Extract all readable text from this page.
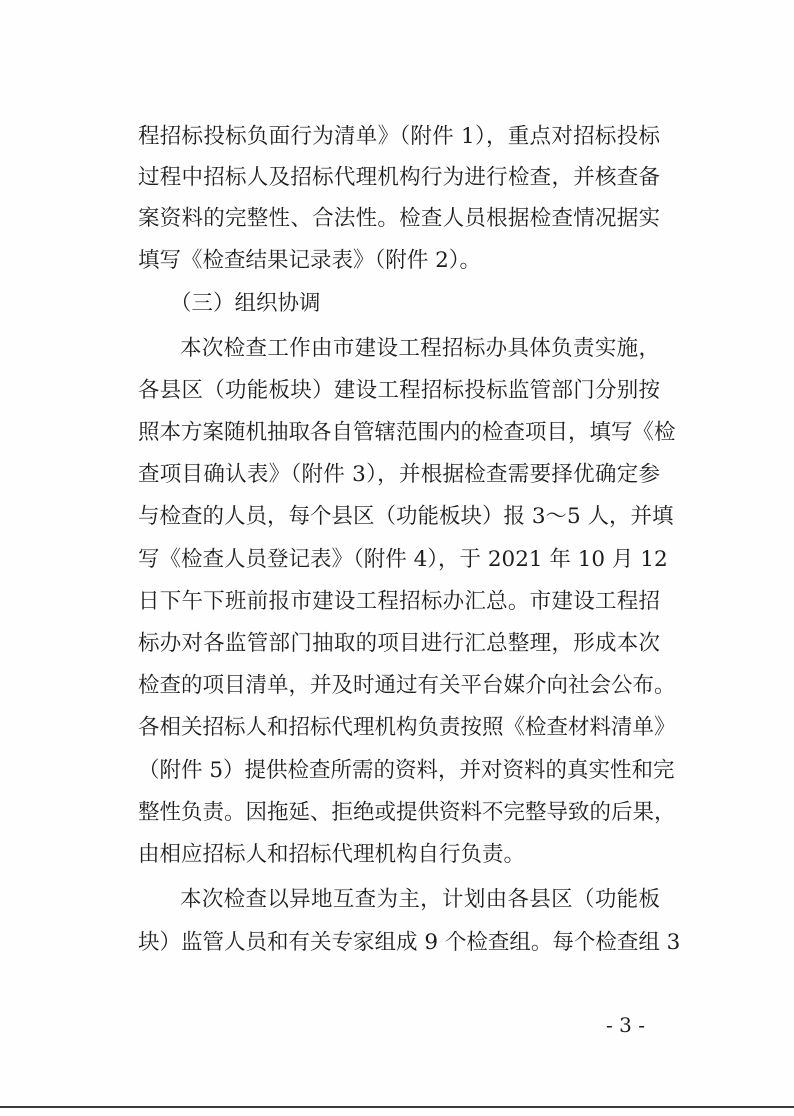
程招标投标负面行为清单》（附件 1），重点对招标投标
过程中招标人及招标代理机构行为进行检查，并核查备
案资料的完整性、合法性。检查人员根据检查情况据实
填写《检查结果记录表》（附件 2）。
（三）组织协调
本次检查工作由市建设工程招标办具体负责实施，
各县区（功能板块）建设工程招标投标监管部门分别按
照本方案随机抽取各自管辖范围内的检查项目，填写《检
查项目确认表》（附件 3），并根据检查需要择优确定参
与检查的人员，每个县区（功能板块）报 3～5 人，并填
写《检查人员登记表》（附件 4），于 2021 年 10 月 12
日下午下班前报市建设工程招标办汇总。市建设工程招
标办对各监管部门抽取的项目进行汇总整理，形成本次
检查的项目清单，并及时通过有关平台媒介向社会公布。
各相关招标人和招标代理机构负责按照《检查材料清单》
（附件 5）提供检查所需的资料，并对资料的真实性和完
整性负责。因拖延、拒绝或提供资料不完整导致的后果，
由相应招标人和招标代理机构自行负责。
本次检查以异地互查为主，计划由各县区（功能板
块）监管人员和有关专家组成 9 个检查组。每个检查组 3
- 3 -
